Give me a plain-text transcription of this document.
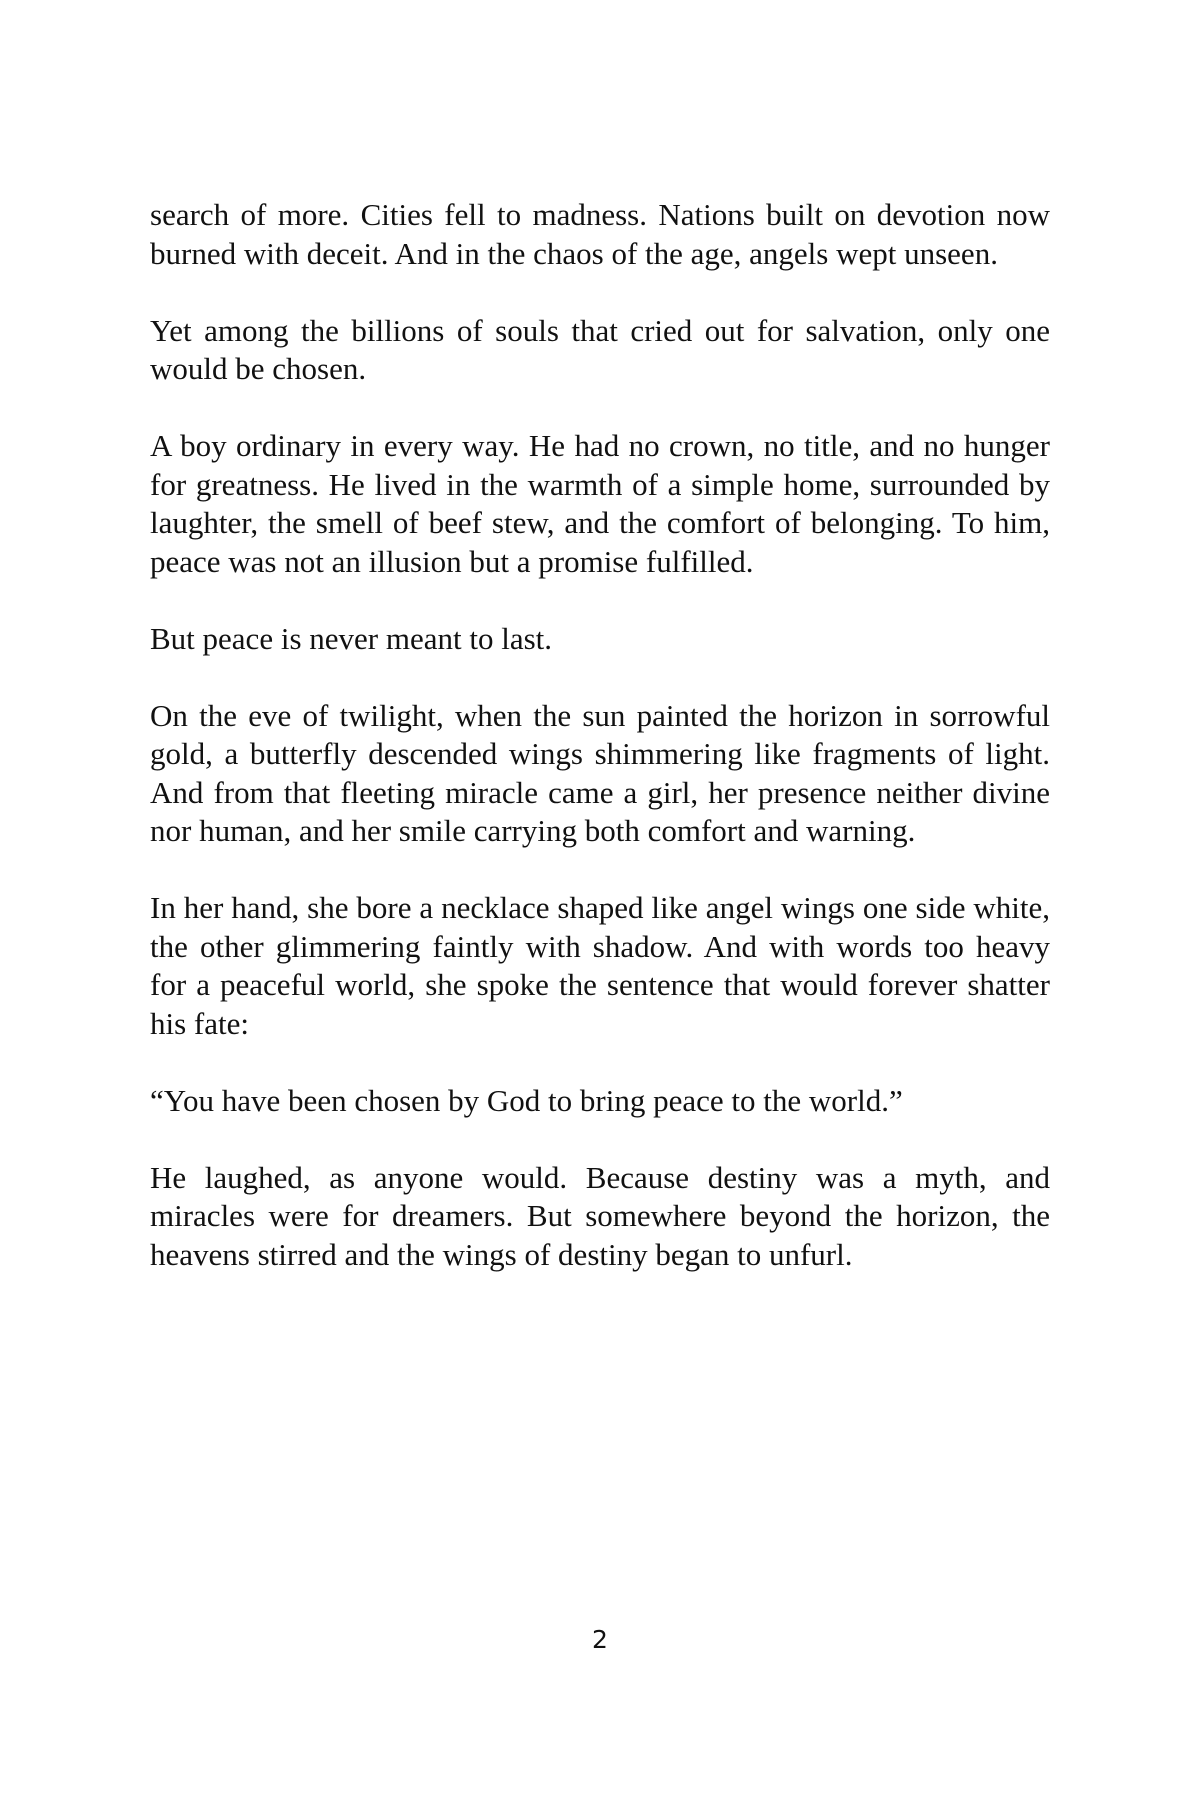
search of more. Cities fell to madness. Nations built on devotion now burned with deceit. And in the chaos of the age, angels wept unseen.

Yet among the billions of souls that cried out for salvation, only one would be chosen.

A boy ordinary in every way. He had no crown, no title, and no hunger for greatness. He lived in the warmth of a simple home, surrounded by laughter, the smell of beef stew, and the comfort of belonging. To him, peace was not an illusion but a promise fulfilled.

But peace is never meant to last.

On the eve of twilight, when the sun painted the horizon in sorrowful gold, a butterfly descended wings shimmering like fragments of light. And from that fleeting miracle came a girl, her presence neither divine nor human, and her smile carrying both comfort and warning.

In her hand, she bore a necklace shaped like angel wings one side white, the other glimmering faintly with shadow. And with words too heavy for a peaceful world, she spoke the sentence that would forever shatter his fate:

“You have been chosen by God to bring peace to the world.”

He laughed, as anyone would. Because destiny was a myth, and miracles were for dreamers. But somewhere beyond the horizon, the heavens stirred and the wings of destiny began to unfurl.

2
